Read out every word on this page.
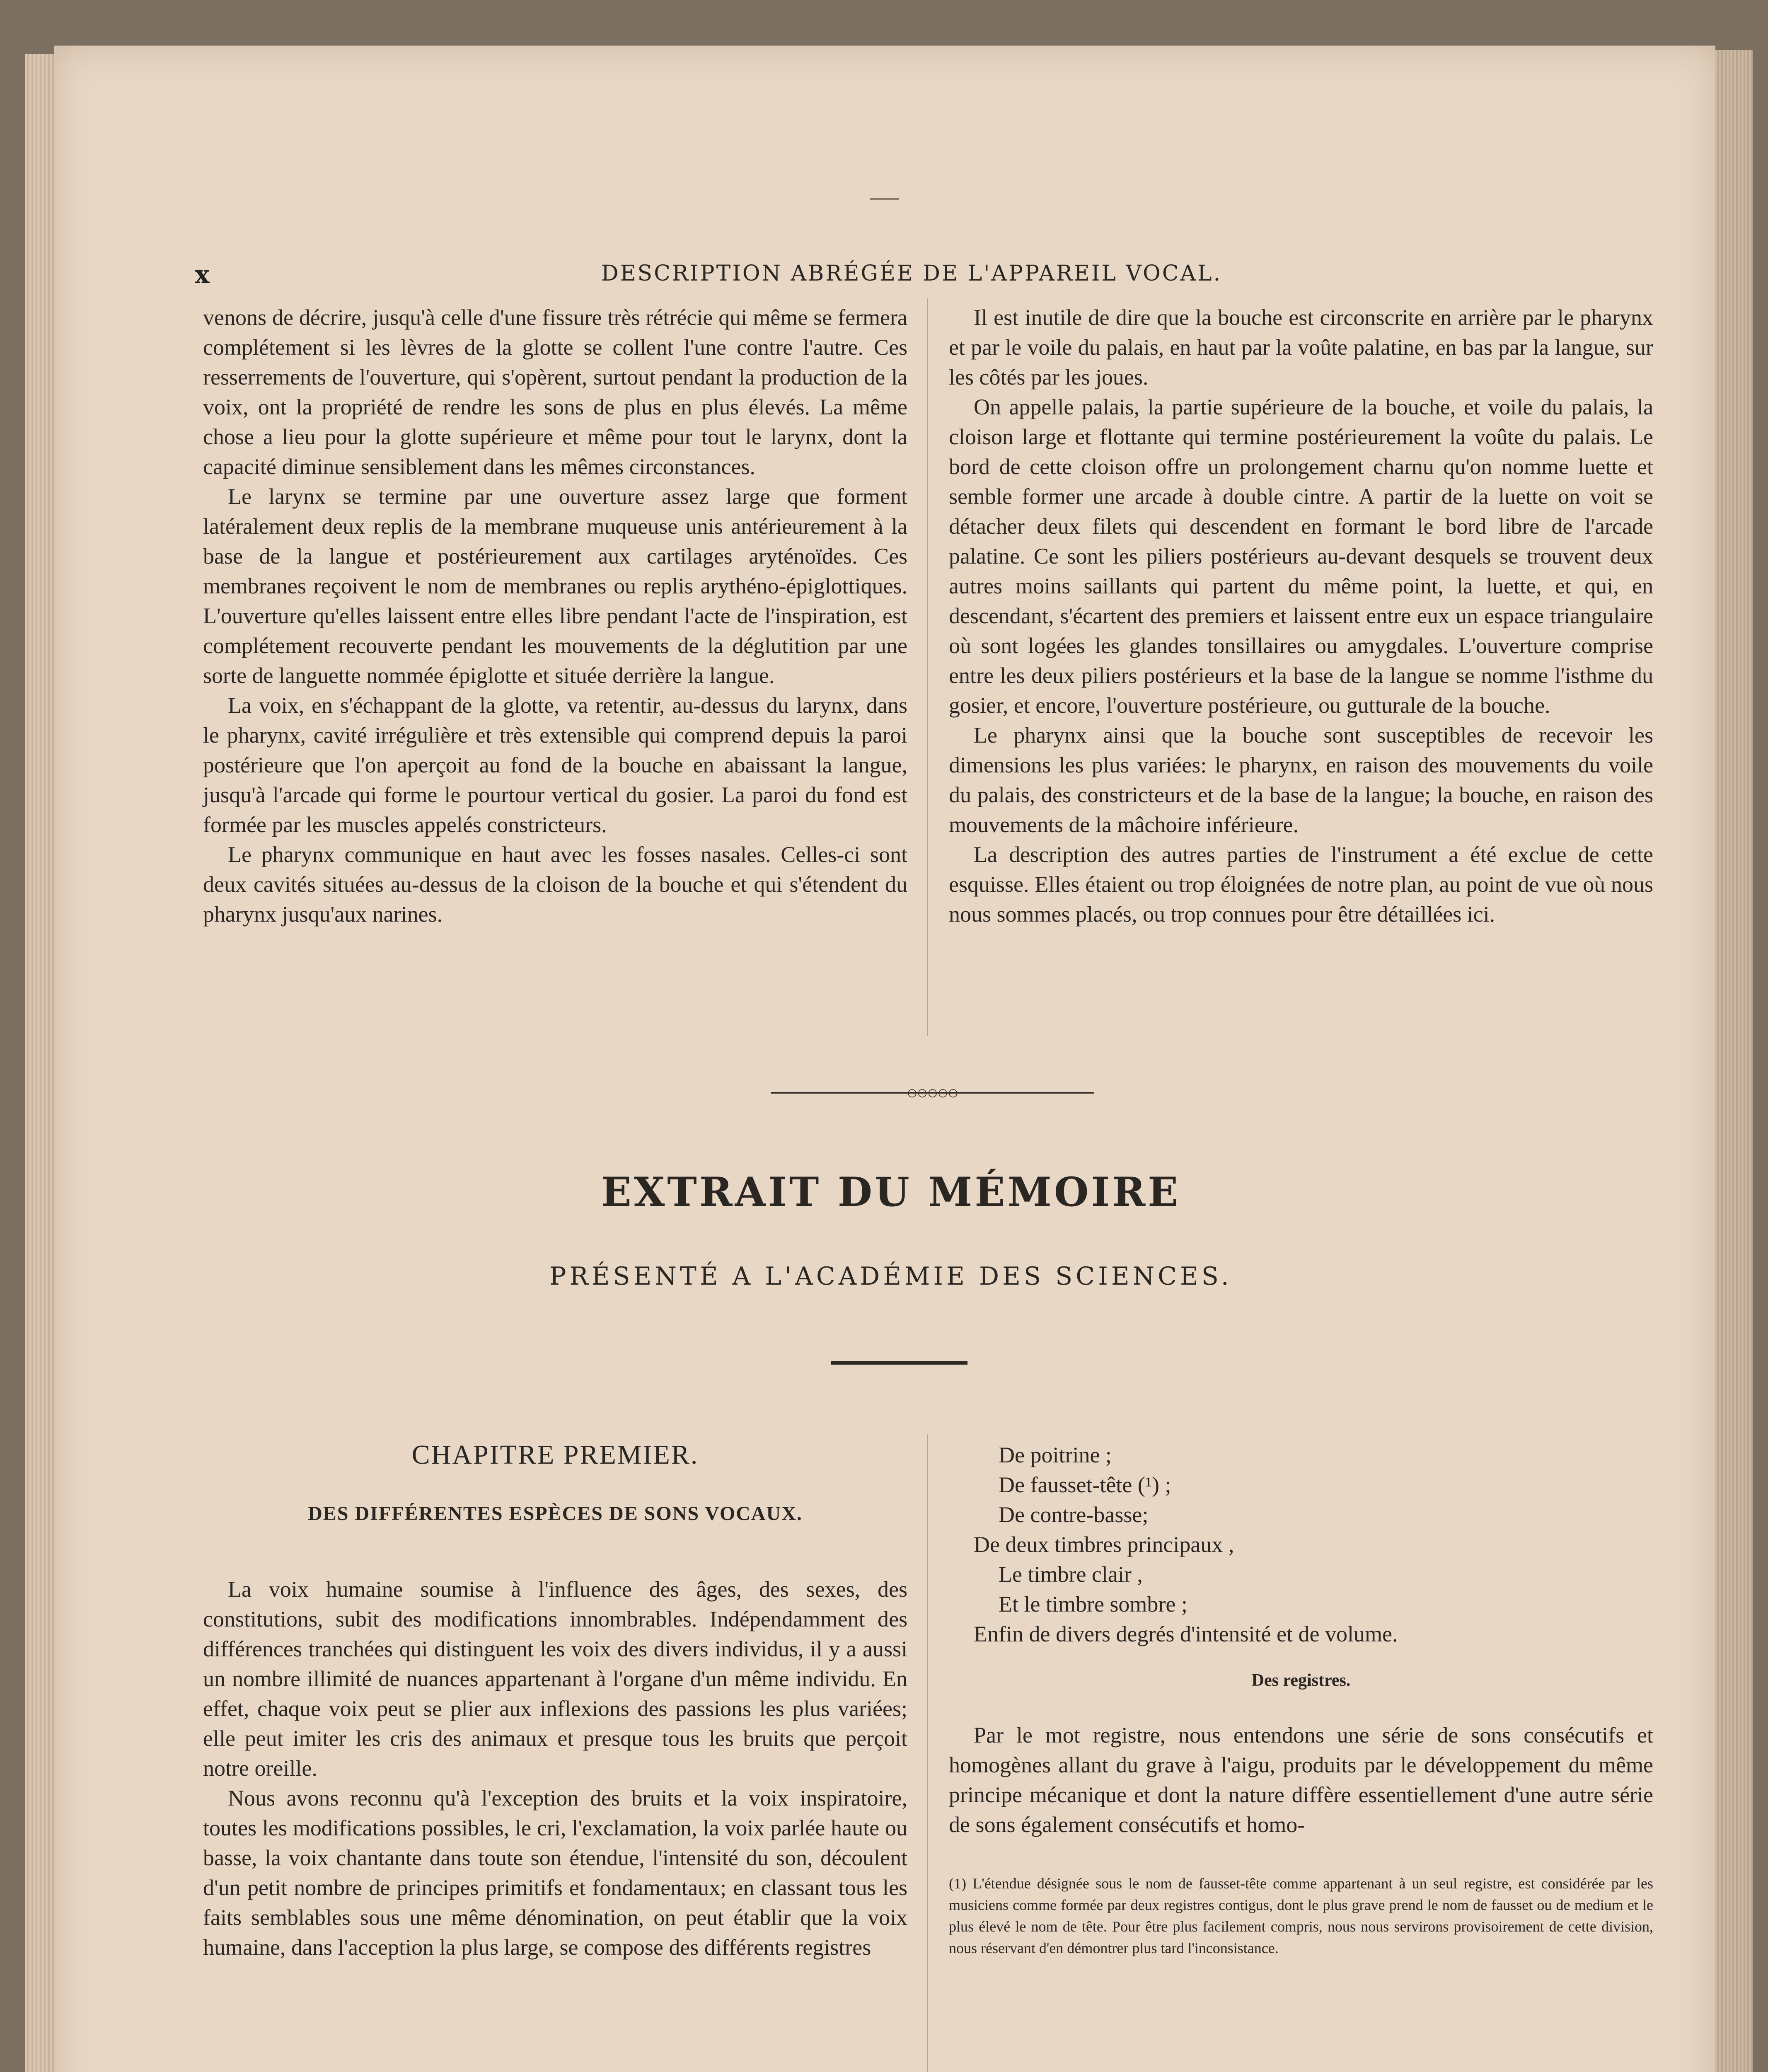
x	DESCRIPTION ABRÉGÉE DE L'APPAREIL VOCAL.

venons de décrire, jusqu'à celle d'une fissure très rétrécie qui même se fermera complétement si les lèvres de la glotte se collent l'une contre l'autre. Ces resserrements de l'ouverture, qui s'opèrent, surtout pendant la production de la voix, ont la propriété de rendre les sons de plus en plus élevés. La même chose a lieu pour la glotte supérieure et même pour tout le larynx, dont la capacité diminue sensiblement dans les mêmes circonstances.

Le larynx se termine par une ouverture assez large que forment latéralement deux replis de la membrane muqueuse unis antérieurement à la base de la langue et postérieurement aux cartilages aryténoïdes. Ces membranes reçoivent le nom de membranes ou replis arythéno-épiglottiques. L'ouverture qu'elles laissent entre elles libre pendant l'acte de l'inspiration, est complétement recouverte pendant les mouvements de la déglutition par une sorte de languette nommée épiglotte et située derrière la langue.

La voix, en s'échappant de la glotte, va retentir, au-dessus du larynx, dans le pharynx, cavité irrégulière et très extensible qui comprend depuis la paroi postérieure que l'on aperçoit au fond de la bouche en abaissant la langue, jusqu'à l'arcade qui forme le pourtour vertical du gosier. La paroi du fond est formée par les muscles appelés constricteurs.

Le pharynx communique en haut avec les fosses nasales. Celles-ci sont deux cavités situées au-dessus de la cloison de la bouche et qui s'étendent du pharynx jusqu'aux narines.

Il est inutile de dire que la bouche est circonscrite en arrière par le pharynx et par le voile du palais, en haut par la voûte palatine, en bas par la langue, sur les côtés par les joues.

On appelle palais, la partie supérieure de la bouche, et voile du palais, la cloison large et flottante qui termine postérieurement la voûte du palais. Le bord de cette cloison offre un prolongement charnu qu'on nomme luette et semble former une arcade à double cintre. A partir de la luette on voit se détacher deux filets qui descendent en formant le bord libre de l'arcade palatine. Ce sont les piliers postérieurs au-devant desquels se trouvent deux autres moins saillants qui partent du même point, la luette, et qui, en descendant, s'écartent des premiers et laissent entre eux un espace triangulaire où sont logées les glandes tonsillaires ou amygdales. L'ouverture comprise entre les deux piliers postérieurs et la base de la langue se nomme l'isthme du gosier, et encore, l'ouverture postérieure, ou gutturale de la bouche.

Le pharynx ainsi que la bouche sont susceptibles de recevoir les dimensions les plus variées: le pharynx, en raison des mouvements du voile du palais, des constricteurs et de la base de la langue; la bouche, en raison des mouvements de la mâchoire inférieure.

La description des autres parties de l'instrument a été exclue de cette esquisse. Elles étaient ou trop éloignées de notre plan, au point de vue où nous nous sommes placés, ou trop connues pour être détaillées ici.

○○○○○
EXTRAIT DU MÉMOIRE
PRÉSENTÉ A L'ACADÉMIE DES SCIENCES.
CHAPITRE PREMIER.
DES DIFFÉRENTES ESPÈCES DE SONS VOCAUX.

La voix humaine soumise à l'influence des âges, des sexes, des constitutions, subit des modifications innombrables. Indépendamment des différences tranchées qui distinguent les voix des divers individus, il y a aussi un nombre illimité de nuances appartenant à l'organe d'un même individu. En effet, chaque voix peut se plier aux inflexions des passions les plus variées; elle peut imiter les cris des animaux et presque tous les bruits que perçoit notre oreille.

Nous avons reconnu qu'à l'exception des bruits et la voix inspiratoire, toutes les modifications possibles, le cri, l'exclamation, la voix parlée haute ou basse, la voix chantante dans toute son étendue, l'intensité du son, découlent d'un petit nombre de principes primitifs et fondamentaux; en classant tous les faits semblables sous une même dénomination, on peut établir que la voix humaine, dans l'acception la plus large, se compose des différents registres

De poitrine ;
De fausset-tête (¹) ;
De contre-basse;
De deux timbres principaux ,
Le timbre clair ,
Et le timbre sombre ;
Enfin de divers degrés d'intensité et de volume.
Des registres.

Par le mot registre, nous entendons une série de sons consécutifs et homogènes allant du grave à l'aigu, produits par le développement du même principe mécanique et dont la nature diffère essentiellement d'une autre série de sons également consécutifs et homo-

(1) L'étendue désignée sous le nom de fausset-tête comme appartenant à un seul registre, est considérée par les musiciens comme formée par deux registres contigus, dont le plus grave prend le nom de fausset ou de medium et le plus élevé le nom de tête. Pour être plus facilement compris, nous nous servirons provisoirement de cette division, nous réservant d'en démontrer plus tard l'inconsistance.
